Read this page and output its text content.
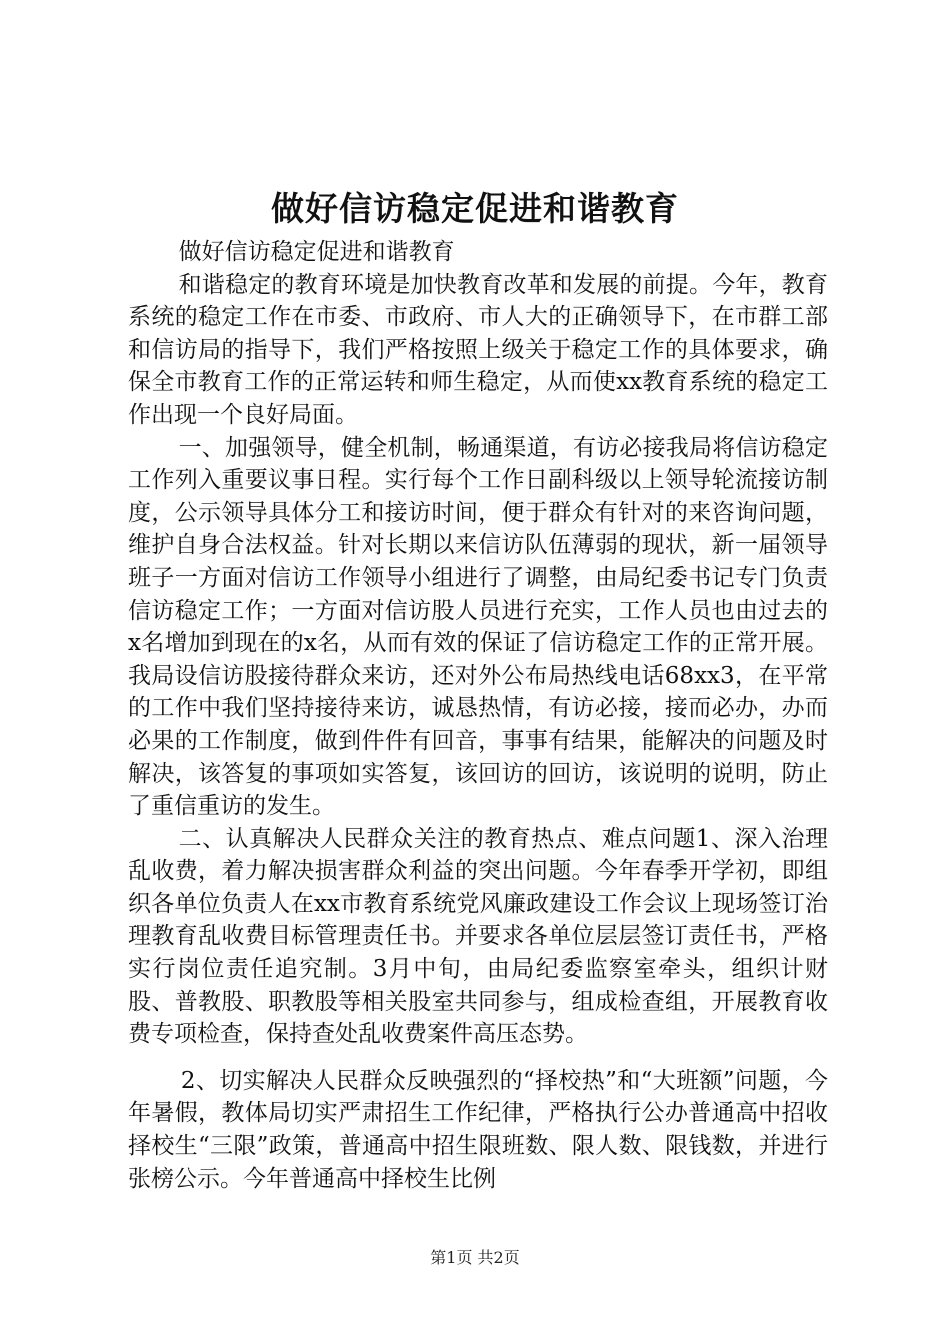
做好信访稳定促进和谐教育

做好信访稳定促进和谐教育

和谐稳定的教育环境是加快教育改革和发展的前提。今年，教育系统的稳定工作在市委、市政府、市人大的正确领导下，在市群工部和信访局的指导下，我们严格按照上级关于稳定工作的具体要求，确保全市教育工作的正常运转和师生稳定，从而使xx教育系统的稳定工作出现一个良好局面。

一、加强领导，健全机制，畅通渠道，有访必接我局将信访稳定工作列入重要议事日程。实行每个工作日副科级以上领导轮流接访制度，公示领导具体分工和接访时间，便于群众有针对的来咨询问题，维护自身合法权益。针对长期以来信访队伍薄弱的现状，新一届领导班子一方面对信访工作领导小组进行了调整，由局纪委书记专门负责信访稳定工作；一方面对信访股人员进行充实，工作人员也由过去的x名增加到现在的x名，从而有效的保证了信访稳定工作的正常开展。我局设信访股接待群众来访，还对外公布局热线电话68xx3，在平常的工作中我们坚持接待来访，诚恳热情，有访必接，接而必办，办而必果的工作制度，做到件件有回音，事事有结果，能解决的问题及时解决，该答复的事项如实答复，该回访的回访，该说明的说明，防止了重信重访的发生。

二、认真解决人民群众关注的教育热点、难点问题1、深入治理乱收费，着力解决损害群众利益的突出问题。今年春季开学初，即组织各单位负责人在xx市教育系统党风廉政建设工作会议上现场签订治理教育乱收费目标管理责任书。并要求各单位层层签订责任书，严格实行岗位责任追究制。3月中旬，由局纪委监察室牵头，组织计财股、普教股、职教股等相关股室共同参与，组成检查组，开展教育收费专项检查，保持查处乱收费案件高压态势。

2、切实解决人民群众反映强烈的“择校热”和“大班额”问题，今年暑假，教体局切实严肃招生工作纪律，严格执行公办普通高中招收择校生“三限”政策，普通高中招生限班数、限人数、限钱数，并进行张榜公示。今年普通高中择校生比例

第1页 共2页
